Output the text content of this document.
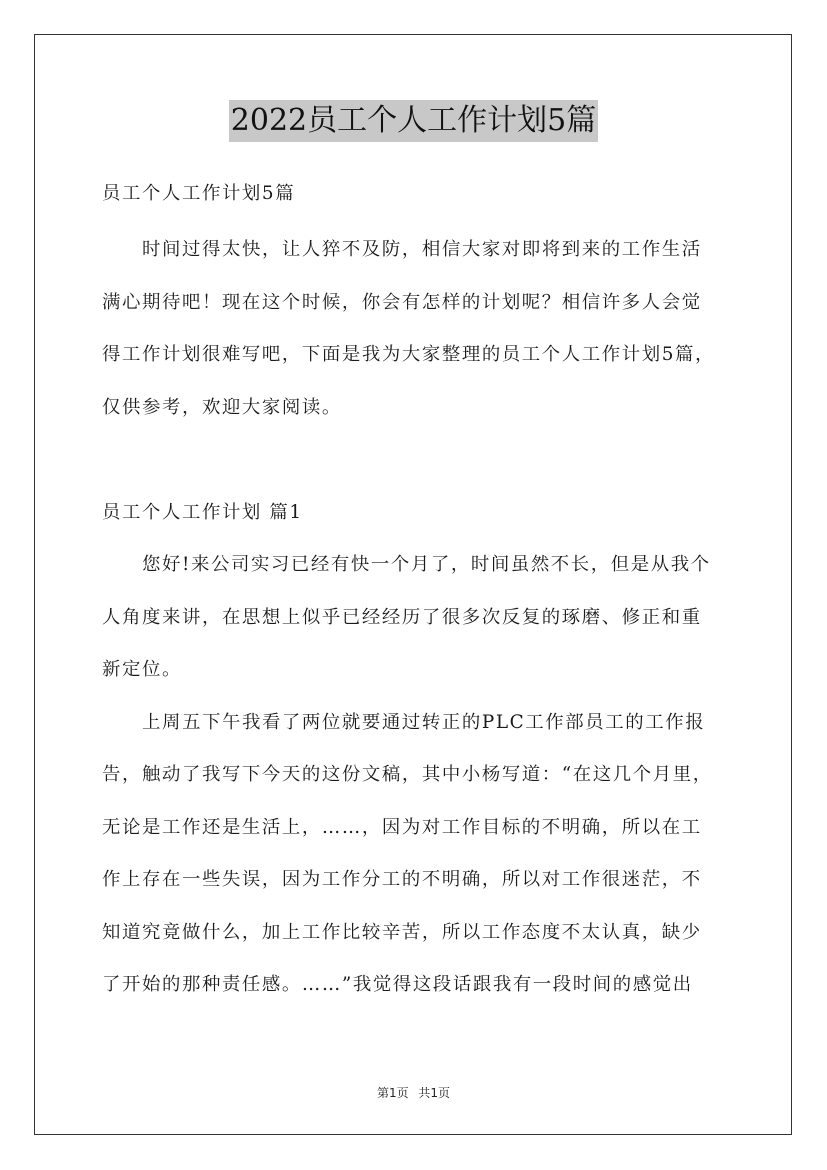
2022员工个人工作计划5篇
员工个人工作计划5篇
时间过得太快，让人猝不及防，相信大家对即将到来的工作生活
满心期待吧！现在这个时候，你会有怎样的计划呢？相信许多人会觉
得工作计划很难写吧，下面是我为大家整理的员工个人工作计划5篇，
仅供参考，欢迎大家阅读。
员工个人工作计划 篇1
您好!来公司实习已经有快一个月了，时间虽然不长，但是从我个
人角度来讲，在思想上似乎已经经历了很多次反复的琢磨、修正和重
新定位。
上周五下午我看了两位就要通过转正的PLC工作部员工的工作报
告，触动了我写下今天的这份文稿，其中小杨写道：“在这几个月里，
无论是工作还是生活上，……，因为对工作目标的不明确，所以在工
作上存在一些失误，因为工作分工的不明确，所以对工作很迷茫，不
知道究竟做什么，加上工作比较辛苦，所以工作态度不太认真，缺少
了开始的那种责任感。……”我觉得这段话跟我有一段时间的感觉出
第1页 共1页
